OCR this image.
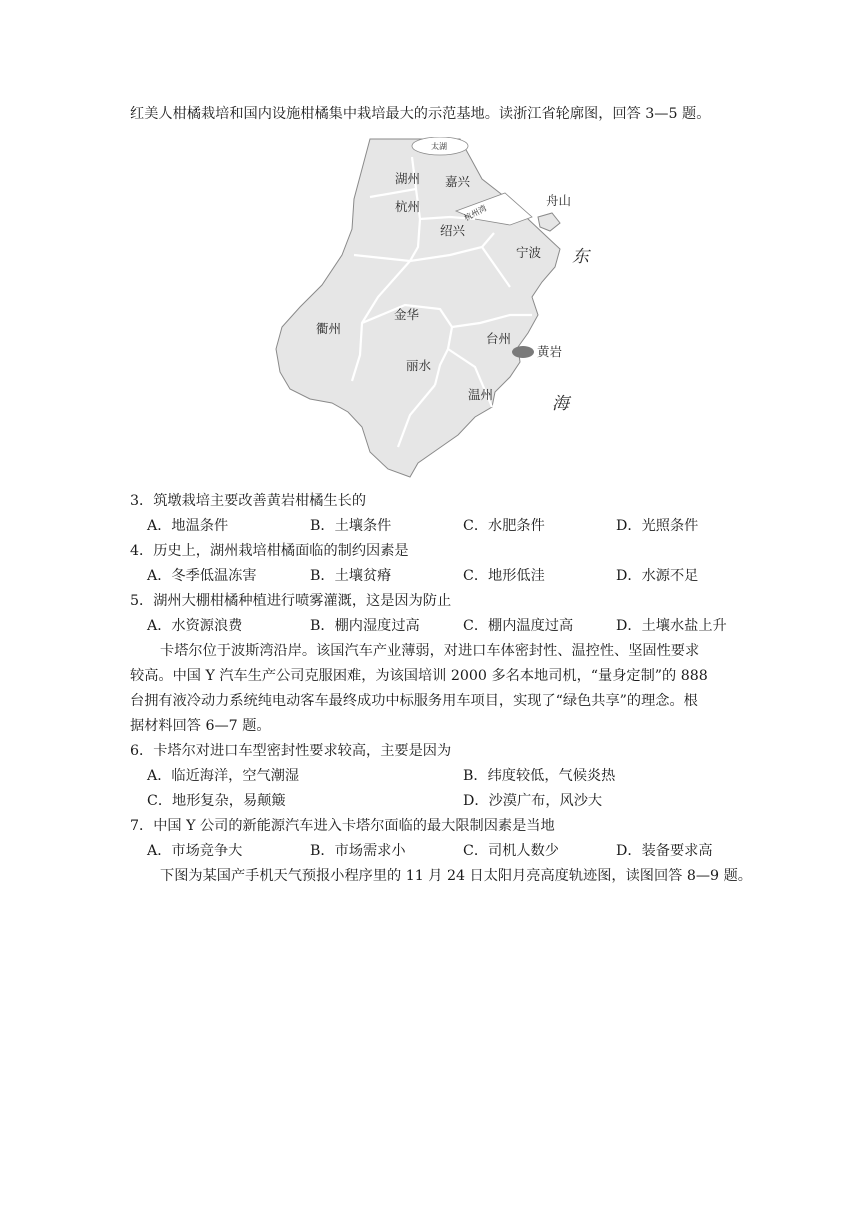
红美人柑橘栽培和国内设施柑橘集中栽培最大的示范基地。读浙江省轮廓图，回答 3—5 题。
太湖
湖州 嘉兴
杭州湾
杭州	舟山
绍兴
宁波 东
衢州
金华
台州
黄岩
丽水
温州	海
3．筑墩栽培主要改善黄岩柑橘生长的
A．地温条件	B．土壤条件	C．水肥条件	D．光照条件
4．历史上，湖州栽培柑橘面临的制约因素是
A．冬季低温冻害	B．土壤贫瘠	C．地形低洼	D．水源不足
5．湖州大棚柑橘种植进行喷雾灌溉，这是因为防止
A．水资源浪费	B．棚内湿度过高	C．棚内温度过高	D．土壤水盐上升
卡塔尔位于波斯湾沿岸。该国汽车产业薄弱，对进口车体密封性、温控性、坚固性要求
较高。中国 Y 汽车生产公司克服困难，为该国培训 2000 多名本地司机，“量身定制”的 888
台拥有液冷动力系统纯电动客车最终成功中标服务用车项目，实现了“绿色共享”的理念。根
据材料回答 6—7 题。
6．卡塔尔对进口车型密封性要求较高，主要是因为
A．临近海洋，空气潮湿	B．纬度较低，气候炎热
C．地形复杂，易颠簸	D．沙漠广布，风沙大
7．中国 Y 公司的新能源汽车进入卡塔尔面临的最大限制因素是当地
A．市场竞争大	B．市场需求小	C．司机人数少	D．装备要求高
下图为某国产手机天气预报小程序里的 11 月 24 日太阳月亮高度轨迹图，读图回答 8—9 题。
